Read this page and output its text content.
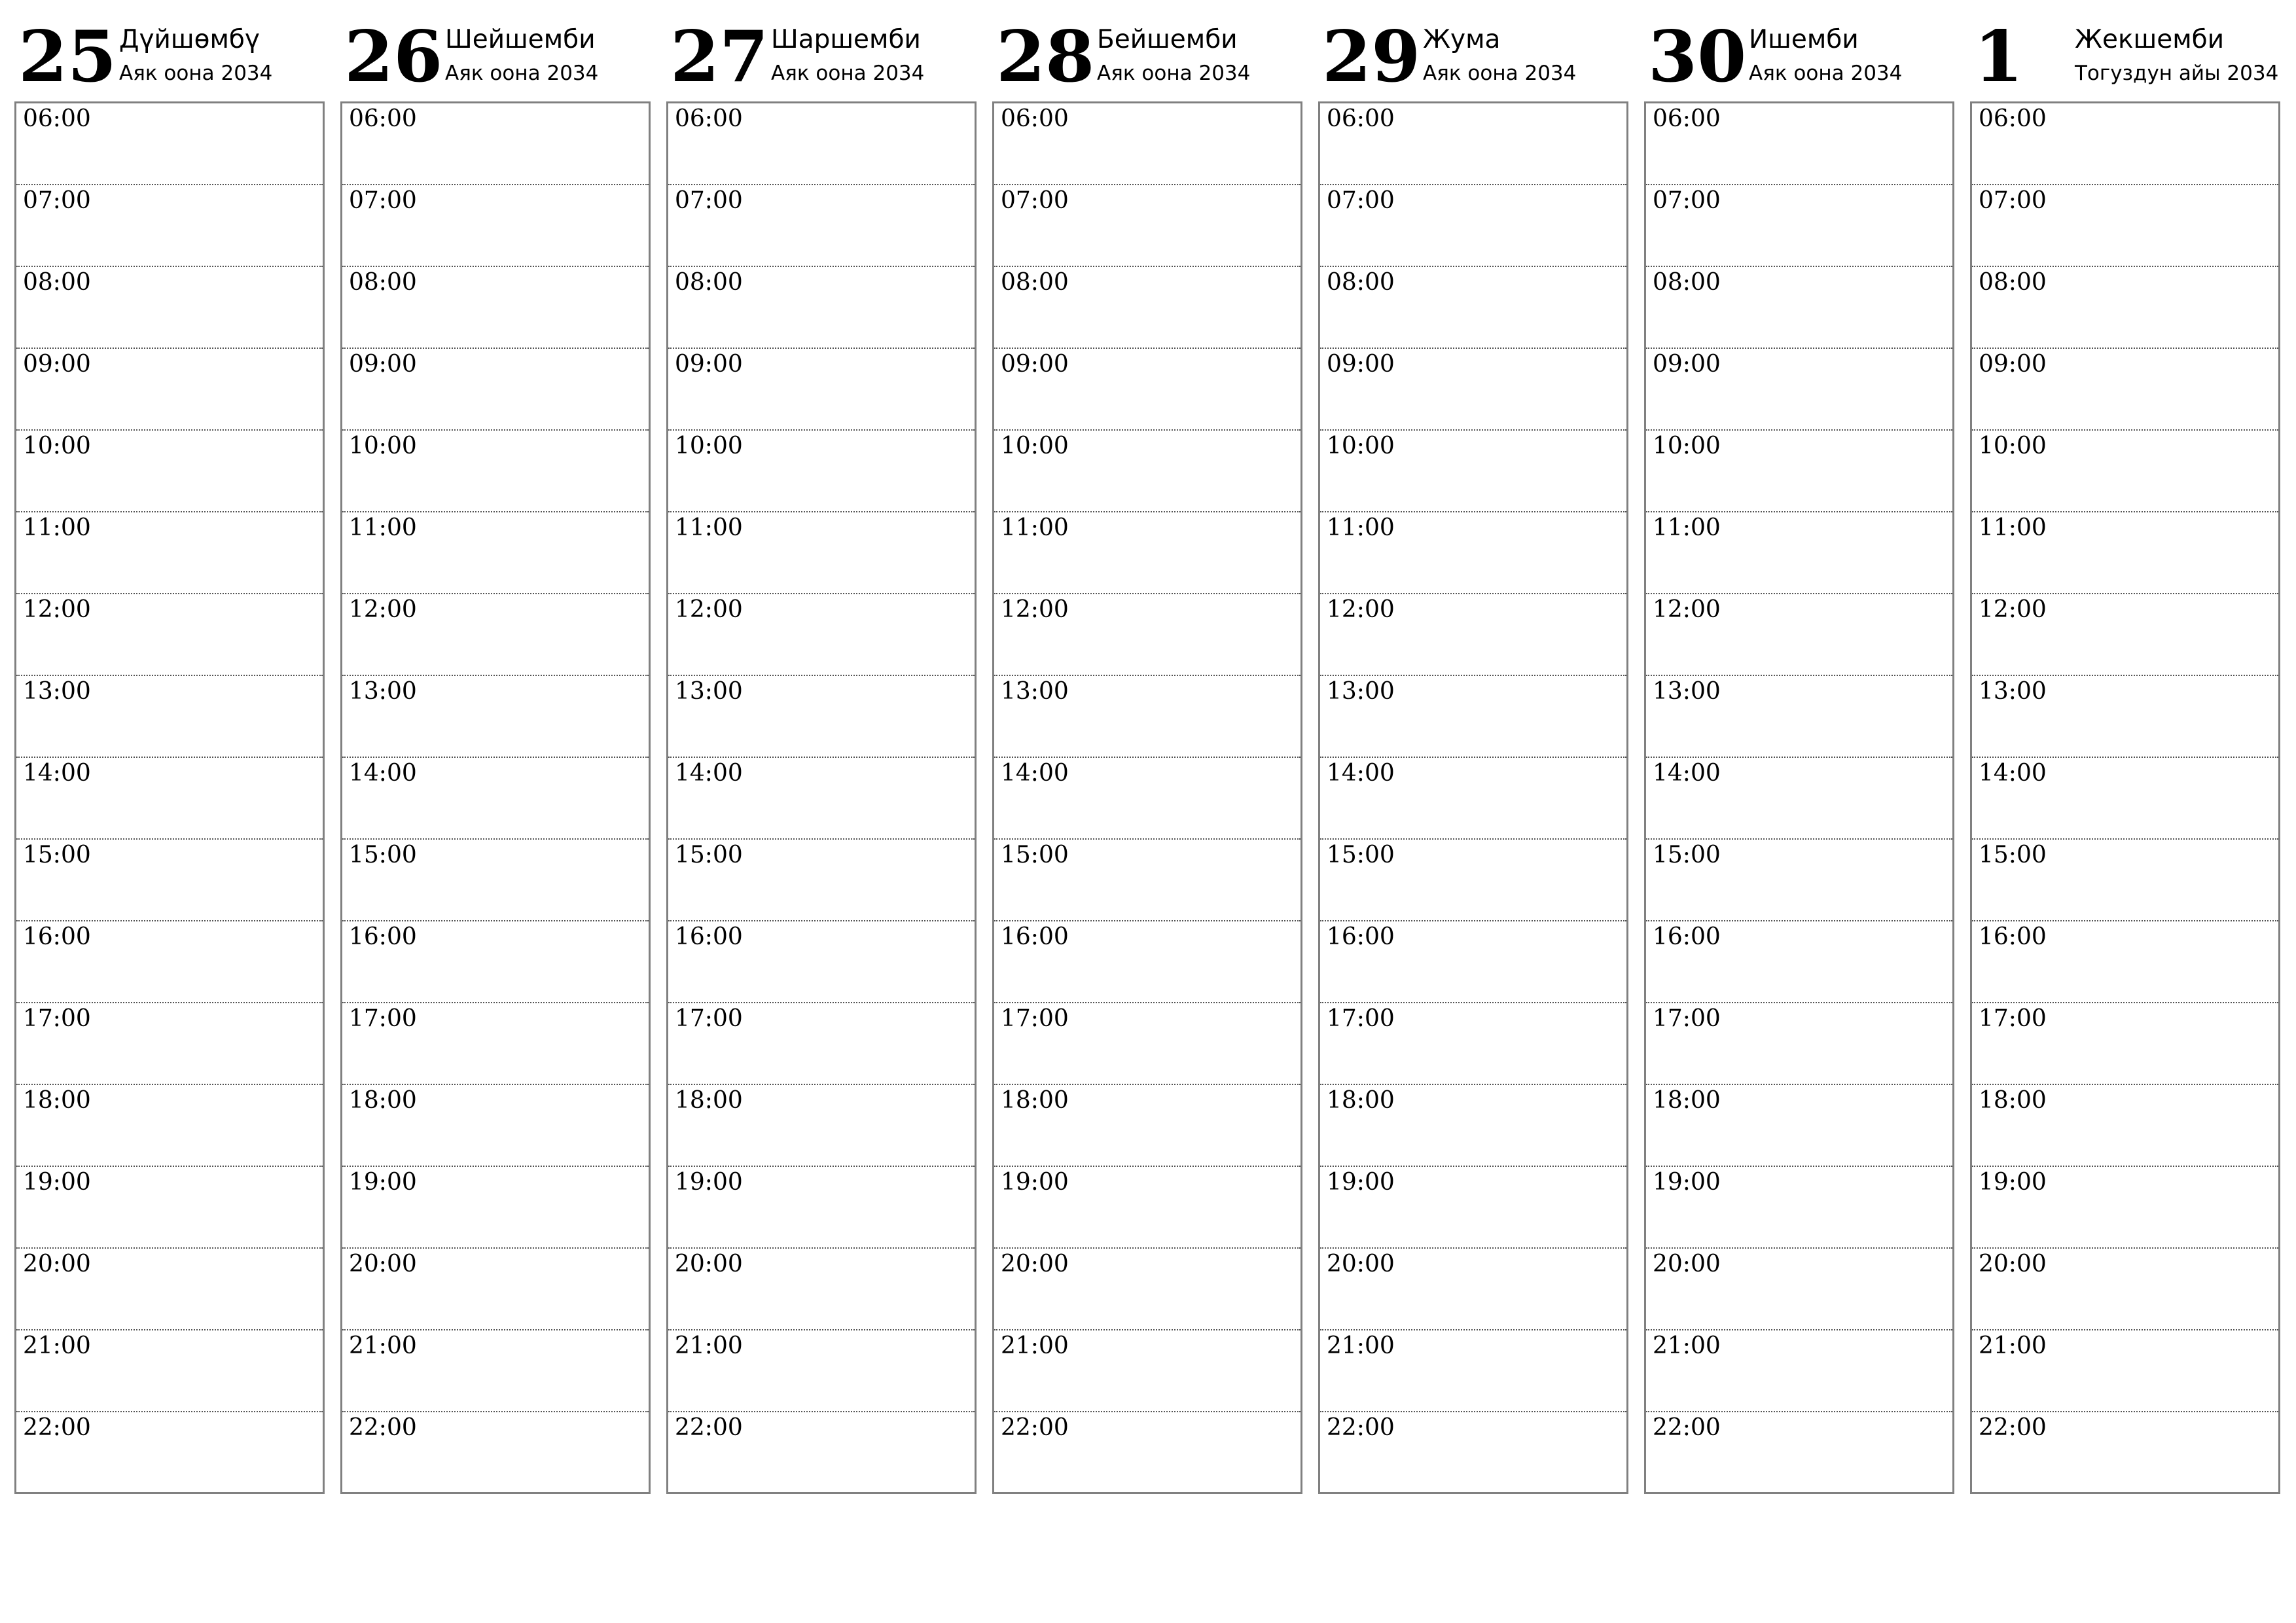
25 Дүйшөмбү
Аяк оона 2034
06:00
07:00
08:00
09:00
10:00
11:00
12:00
13:00
14:00
15:00
16:00
17:00
18:00
19:00
20:00
21:00
22:00
26 Шейшемби
Аяк оона 2034
06:00
07:00
08:00
09:00
10:00
11:00
12:00
13:00
14:00
15:00
16:00
17:00
18:00
19:00
20:00
21:00
22:00
27 Шаршемби
Аяк оона 2034
06:00
07:00
08:00
09:00
10:00
11:00
12:00
13:00
14:00
15:00
16:00
17:00
18:00
19:00
20:00
21:00
22:00
28 Бейшемби
Аяк оона 2034
06:00
07:00
08:00
09:00
10:00
11:00
12:00
13:00
14:00
15:00
16:00
17:00
18:00
19:00
20:00
21:00
22:00
29 Жума
Аяк оона 2034
06:00
07:00
08:00
09:00
10:00
11:00
12:00
13:00
14:00
15:00
16:00
17:00
18:00
19:00
20:00
21:00
22:00
30 Ишемби
Аяк оона 2034
06:00
07:00
08:00
09:00
10:00
11:00
12:00
13:00
14:00
15:00
16:00
17:00
18:00
19:00
20:00
21:00
22:00
1 Жекшемби
Тогуздун айы 2034
06:00
07:00
08:00
09:00
10:00
11:00
12:00
13:00
14:00
15:00
16:00
17:00
18:00
19:00
20:00
21:00
22:00
